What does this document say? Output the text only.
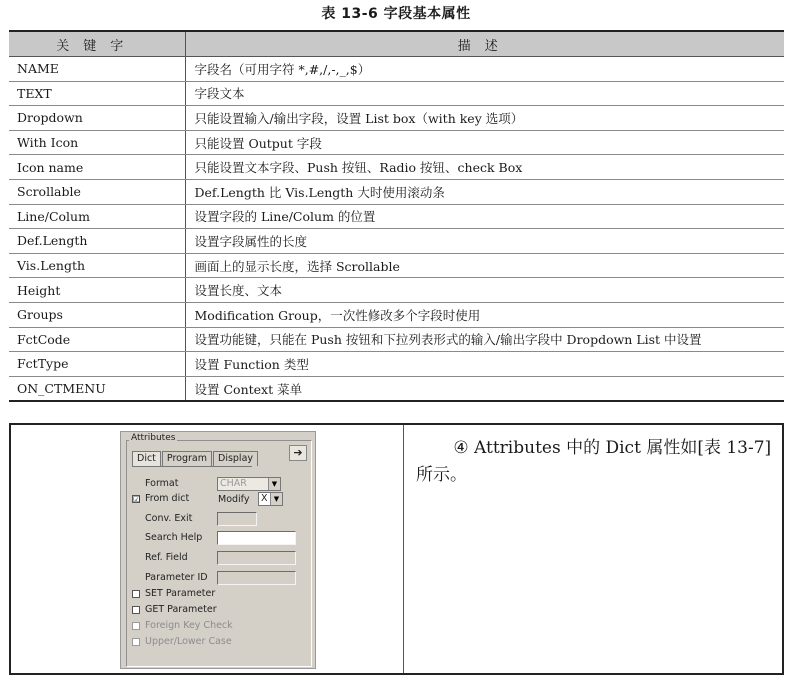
表 13-6 字段基本属性
关键字	描述
NAME	字段名（可用字符 *,#,/,-,_,$）
TEXT	字段文本
Dropdown	只能设置输入/输出字段，设置 List box（with key 选项）
With Icon	只能设置 Output 字段
Icon name	只能设置文本字段、Push 按钮、Radio 按钮、check Box
Scrollable	Def.Length 比 Vis.Length 大时使用滚动条
Line/Colum	设置字段的 Line/Colum 的位置
Def.Length	设置字段属性的长度
Vis.Length	画面上的显示长度，选择 Scrollable
Height	设置长度、文本
Groups	Modification Group，一次性修改多个字段时使用
FctCode	设置功能键，只能在 Push 按钮和下拉列表形式的输入/输出字段中 Dropdown List 中设置
FctType	设置 Function 类型
ON_CTMENU	设置 Context 菜单
Attributes
Dict	Program	Display	➔
Format	CHAR	▼
☑ From dict	Modify	X ▼
Conv. Exit
Search Help
Ref. Field
Parameter ID
SET Parameter
GET Parameter
Foreign Key Check
Upper/Lower Case

④ Attributes 中的 Dict 属性如[表 13-7]

所示。
